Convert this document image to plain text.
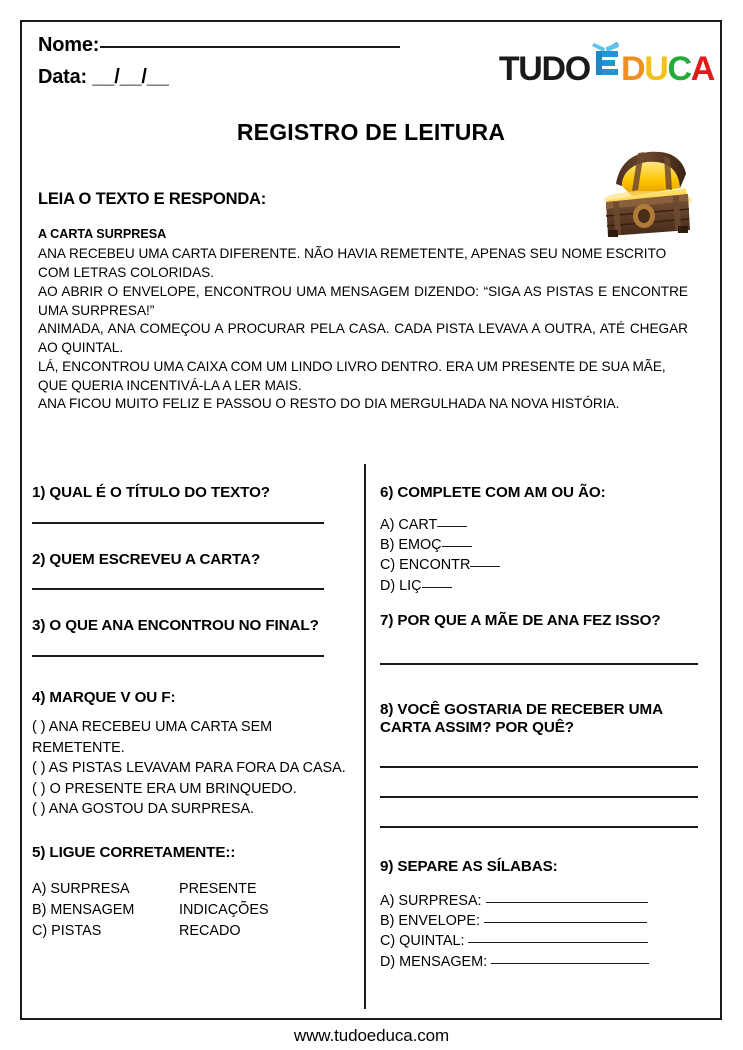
Nome:
Data: __/__/__	TUDO D U C A
REGISTRO DE LEITURA
LEIA O TEXTO E RESPONDA:
A CARTA SURPRESA

ANA RECEBEU UMA CARTA DIFERENTE. NÃO HAVIA REMETENTE, APENAS SEU NOME ESCRITO COM LETRAS COLORIDAS.

AO ABRIR O ENVELOPE, ENCONTROU UMA MENSAGEM DIZENDO: “SIGA AS PISTAS E ENCONTRE UMA SURPRESA!”

ANIMADA, ANA COMEÇOU A PROCURAR PELA CASA. CADA PISTA LEVAVA A OUTRA, ATÉ CHEGAR AO QUINTAL.

LÁ, ENCONTROU UMA CAIXA COM UM LINDO LIVRO DENTRO. ERA UM PRESENTE DE SUA MÃE, QUE QUERIA INCENTIVÁ-LA A LER MAIS.

ANA FICOU MUITO FELIZ E PASSOU O RESTO DO DIA MERGULHADA NA NOVA HISTÓRIA.

1) QUAL É O TÍTULO DO TEXTO?
2) QUEM ESCREVEU A CARTA?
3) O QUE ANA ENCONTROU NO FINAL?
4) MARQUE V OU F:
( ) ANA RECEBEU UMA CARTA SEM REMETENTE.
( ) AS PISTAS LEVAVAM PARA FORA DA CASA.
( ) O PRESENTE ERA UM BRINQUEDO.
( ) ANA GOSTOU DA SURPRESA.
5) LIGUE CORRETAMENTE::
A) SURPRESA
B) MENSAGEM
C) PISTAS
PRESENTE
INDICAÇÕES
RECADO
6) COMPLETE COM AM OU ÃO:
A) CART
B) EMOÇ
C) ENCONTR
D) LIÇ
7) POR QUE A MÃE DE ANA FEZ ISSO?
8) VOCÊ GOSTARIA DE RECEBER UMA CARTA ASSIM? POR QUÊ?
9) SEPARE AS SÍLABAS:
A) SURPRESA:
B) ENVELOPE:
C) QUINTAL:
D) MENSAGEM:
www.tudoeduca.com
